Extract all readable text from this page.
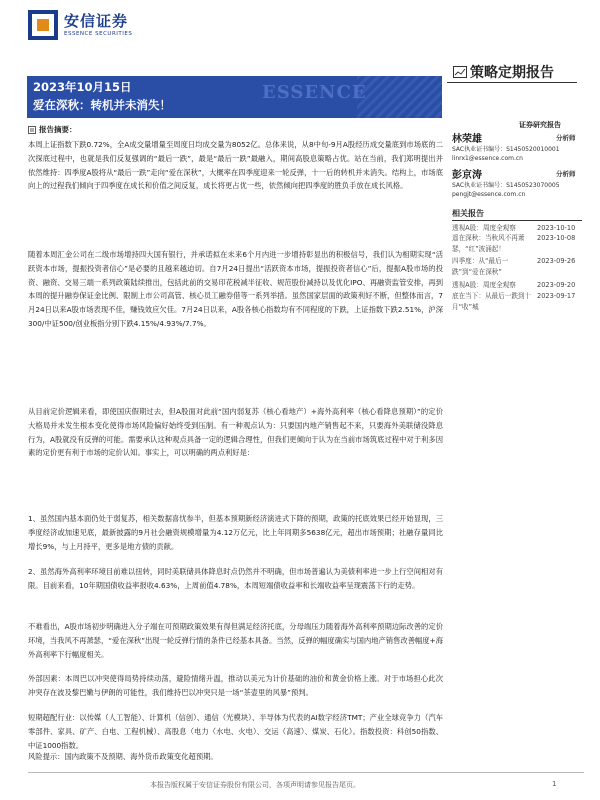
安信证券
ESSENCE SECURITIES
策略定期报告
证券研究报告
ESSENCE
2023年10月15日
爱在深秋：转机并未消失！
报告摘要：

本周上证指数下跌0.72%，全A成交量增量至周度日均成交量为8052亿。总体来说，从8中旬-9月A股经历成交量底到市场底的二次探底过程中，也就是我们反复强调的“最后一跌”，最是“最后一跌”最融入，期间高股息策略占优。站在当前，我们郑明提出并依然维持：四季度A股将从“最后一跌”走向“爱在深秋”，大概率在四季度迎来一轮反弹，十一后的转机并未消失。结构上，市场底向上的过程我们倾向于四季度在成长和价值之间反复，成长将更占优一些，依然倾向把四季度的胜负手放在成长风格。

随着本周汇金公司在二级市场增持四大国有银行，并承诺拟在未来6个月内进一步增持彰显出的积极信号，我们认为相期实现“活跃资本市场，提振投资者信心”是必要的且越来越迫切。自7月24日提出“活跃资本市场，提振投资者信心”后，提振A股市场的投资、融资、交易三端一系列政策陆续推出，包括此前的交易印花税减半征收、规范股份减持以及优化IPO、再融资监管安排，再到本周的提升融券保证金比例、限制上市公司高管、核心员工融券借等一系列举措。虽然国家层面的政策利好不断，但整体而言，7月24日以来A股市场表现不佳，赚钱效应欠佳。7月24日以来，A股各核心指数均有不同程度的下跌，上证指数下跌2.51%，沪深300/中证500/创业板指分别下跌4.15%/4.93%/7.7%。

从目前定价逻辑来看，即使国庆假期过去，但A股面对此前“国内弱复苏（核心看地产）+海外高利率（核心看降息预期）”的定价大格局并未发生根本变化使得市场风险偏好始终受到压制。有一种观点认为：只要国内地产销售起不来，只要海外美联储没降息行为，A股就没有反弹的可能。需要承认这种观点具备一定的逻辑合理性，但我们更倾向于认为在当前市场筑底过程中对于利多因素的定价更有利于市场的定价认知。事实上，可以明确的两点利好是：

1、虽然国内基本面仍处于弱复苏，相关数据喜忧参半，但基本预期新经济演进式下降的预期，政策的托底效果已经开始显现，三季度经济或加速见底，最新披露的9月社会融资规模增量为4.12万亿元，比上年同期多5638亿元，超出市场预期；社融存量同比增长9%，与上月持平，更多是地方债的贡献。

2、虽然海外高利率环境目前难以扭转，同时美联储具体降息时点仍然并不明确，但市场普遍认为美债利率进一步上行空间相对有限。目前来看，10年期国债收益率报收4.63%，上周前值4.78%，本周短端债收益率和长端收益率呈现震荡下行的走势。

不难看出，A股市场初步明确进入分子端在可预期政策效果有得但满足经济托底，分母端压力随着海外高利率预期边际改善的定价环境，当我风不再萧瑟，“爱在深秋”出现一轮反弹行情的条件已经基本具备。当然，反弹的幅度确实与国内地产销售改善幅度+海外高利率下行幅度相关。

外部因素：本周巴以冲突使得局势持续动荡，避险情绪升温，推动以美元为计价基础的油价和黄金价格上涨。对于市场担心此次冲突存在波及黎巴嫩与伊朗的可能性，我们维持巴以冲突只是一场“茶壶里的风暴”预判。

短期超配行业：以传媒（人工智能）、计算机（信创）、通信（光模块）、半导体为代表的AI数字经济TMT；产业全球竞争力（汽车零部件、家具、矿产、白电、工程机械）、高股息（电力（水电、火电）、交运（高速）、煤炭、石化）。指数投资：科创50指数、中证1000指数。

风险提示：国内政策不及预期、海外货币政策变化超预期。

林荣雄	分析师
SAC执业证书编号：S1450520010001
linrx1@essence.com.cn
彭京涛	分析师
SAC执业证书编号：S1450523070005
pengjt@essence.com.cn
相关报告
透视A股：周度全观察	2023-10-10
遥在深秋：当秋风不再萧瑟，“红”波涌起！
2023-10-08
四季度：从“最后一跌”到“爱在深秋”
2023-09-26
透视A股：周度全观察	2023-09-20
底在当下：从最后一跌到十月“收”城
2023-09-17
本报告版权属于安信证券股份有限公司，各项声明请参见报告尾页。	1
